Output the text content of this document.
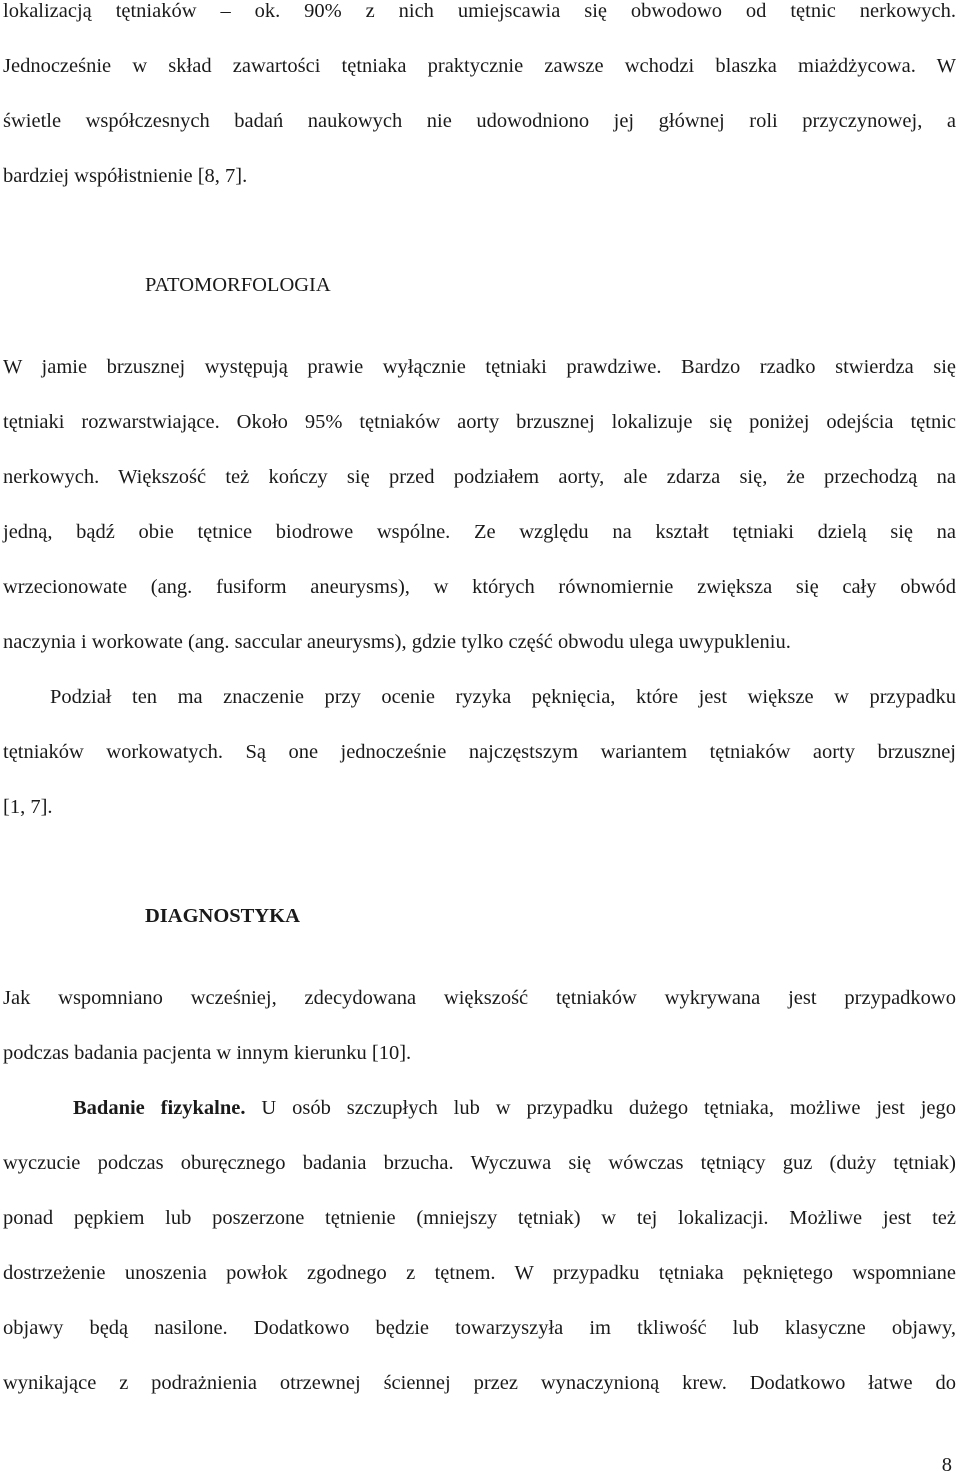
lokalizacją tętniaków – ok. 90% z nich umiejscawia się obwodowo od tętnic nerkowych.
Jednocześnie w skład zawartości tętniaka praktycznie zawsze wchodzi blaszka miażdżycowa. W
świetle współczesnych badań naukowych nie udowodniono jej głównej roli przyczynowej, a
bardziej współistnienie [8, 7].
PATOMORFOLOGIA
W jamie brzusznej występują prawie wyłącznie tętniaki prawdziwe. Bardzo rzadko stwierdza się
tętniaki rozwarstwiające. Około 95% tętniaków aorty brzusznej lokalizuje się poniżej odejścia tętnic
nerkowych. Większość też kończy się przed podziałem aorty, ale zdarza się, że przechodzą na
jedną, bądź obie tętnice biodrowe wspólne. Ze względu na kształt tętniaki dzielą się na
wrzecionowate (ang. fusiform aneurysms), w których równomiernie zwiększa się cały obwód
naczynia i workowate (ang. saccular aneurysms), gdzie tylko część obwodu ulega uwypukleniu.
Podział ten ma znaczenie przy ocenie ryzyka pęknięcia, które jest większe w przypadku
tętniaków workowatych. Są one jednocześnie najczęstszym wariantem tętniaków aorty brzusznej
[1, 7].
DIAGNOSTYKA
Jak wspomniano wcześniej, zdecydowana większość tętniaków wykrywana jest przypadkowo
podczas badania pacjenta w innym kierunku [10].
Badanie fizykalne. U osób szczupłych lub w przypadku dużego tętniaka, możliwe jest jego
wyczucie podczas oburęcznego badania brzucha. Wyczuwa się wówczas tętniący guz (duży tętniak)
ponad pępkiem lub poszerzone tętnienie (mniejszy tętniak) w tej lokalizacji. Możliwe jest też
dostrzeżenie unoszenia powłok zgodnego z tętnem. W przypadku tętniaka pękniętego wspomniane
objawy będą nasilone. Dodatkowo będzie towarzyszyła im tkliwość lub klasyczne objawy,
wynikające z podrażnienia otrzewnej ściennej przez wynaczynioną krew. Dodatkowo łatwe do
8
